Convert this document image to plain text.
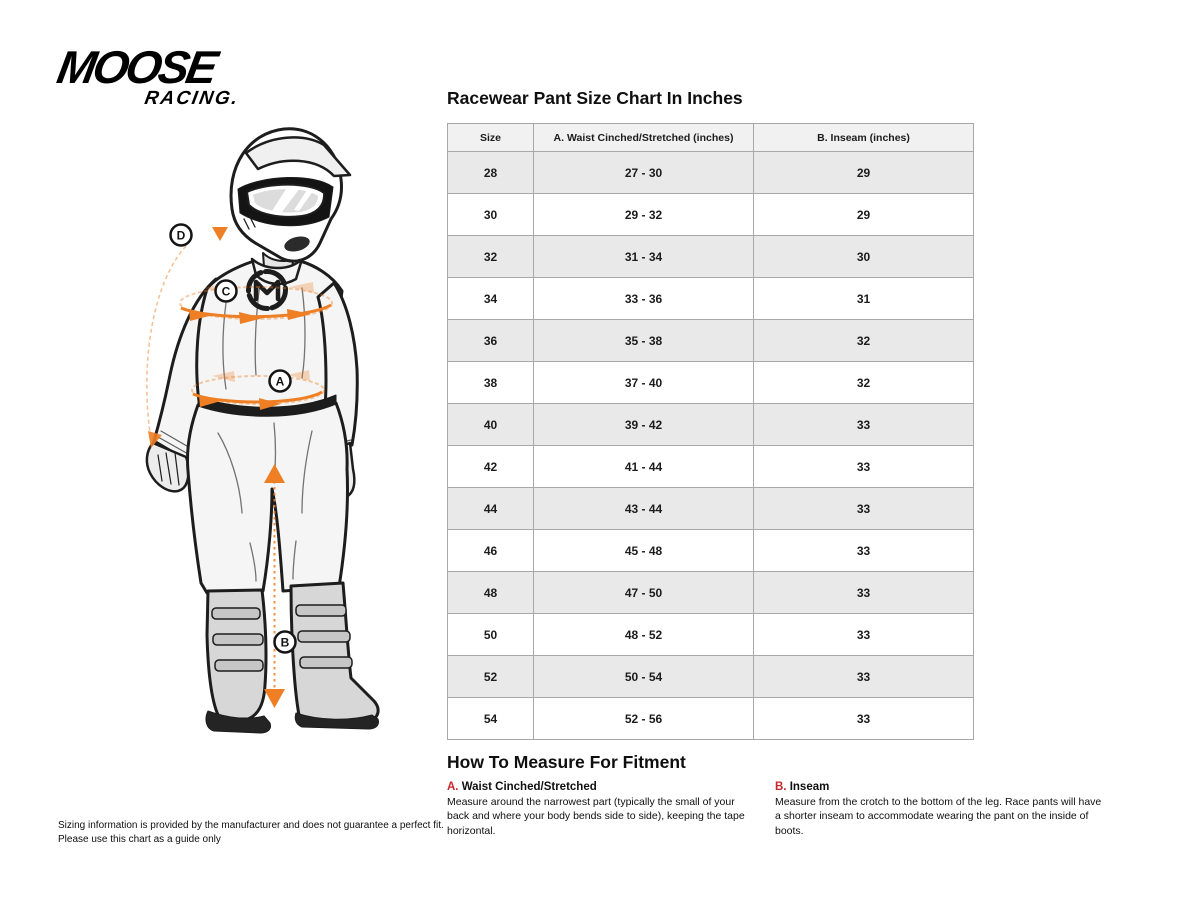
MOOSE
RACING.
D
C
A
B
Racewear Pant Size Chart In Inches
Size	A. Waist Cinched/Stretched (inches)	B. Inseam (inches)
28	27 - 30	29
30	29 - 32	29
32	31 - 34	30
34	33 - 36	31
36	35 - 38	32
38	37 - 40	32
40	39 - 42	33
42	41 - 44	33
44	43 - 44	33
46	45 - 48	33
48	47 - 50	33
50	48 - 52	33
52	50 - 54	33
54	52 - 56	33
How To Measure For Fitment
A. Waist Cinched/Stretched

Measure around the narrowest part (typically the small of your back and where your body bends side to side), keeping the tape horizontal.

B. Inseam

Measure from the crotch to the bottom of the leg. Race pants will have a shorter inseam to accommodate wearing the pant on the inside of boots.

Sizing information is provided by the manufacturer and does not guarantee a perfect fit.
Please use this chart as a guide only
